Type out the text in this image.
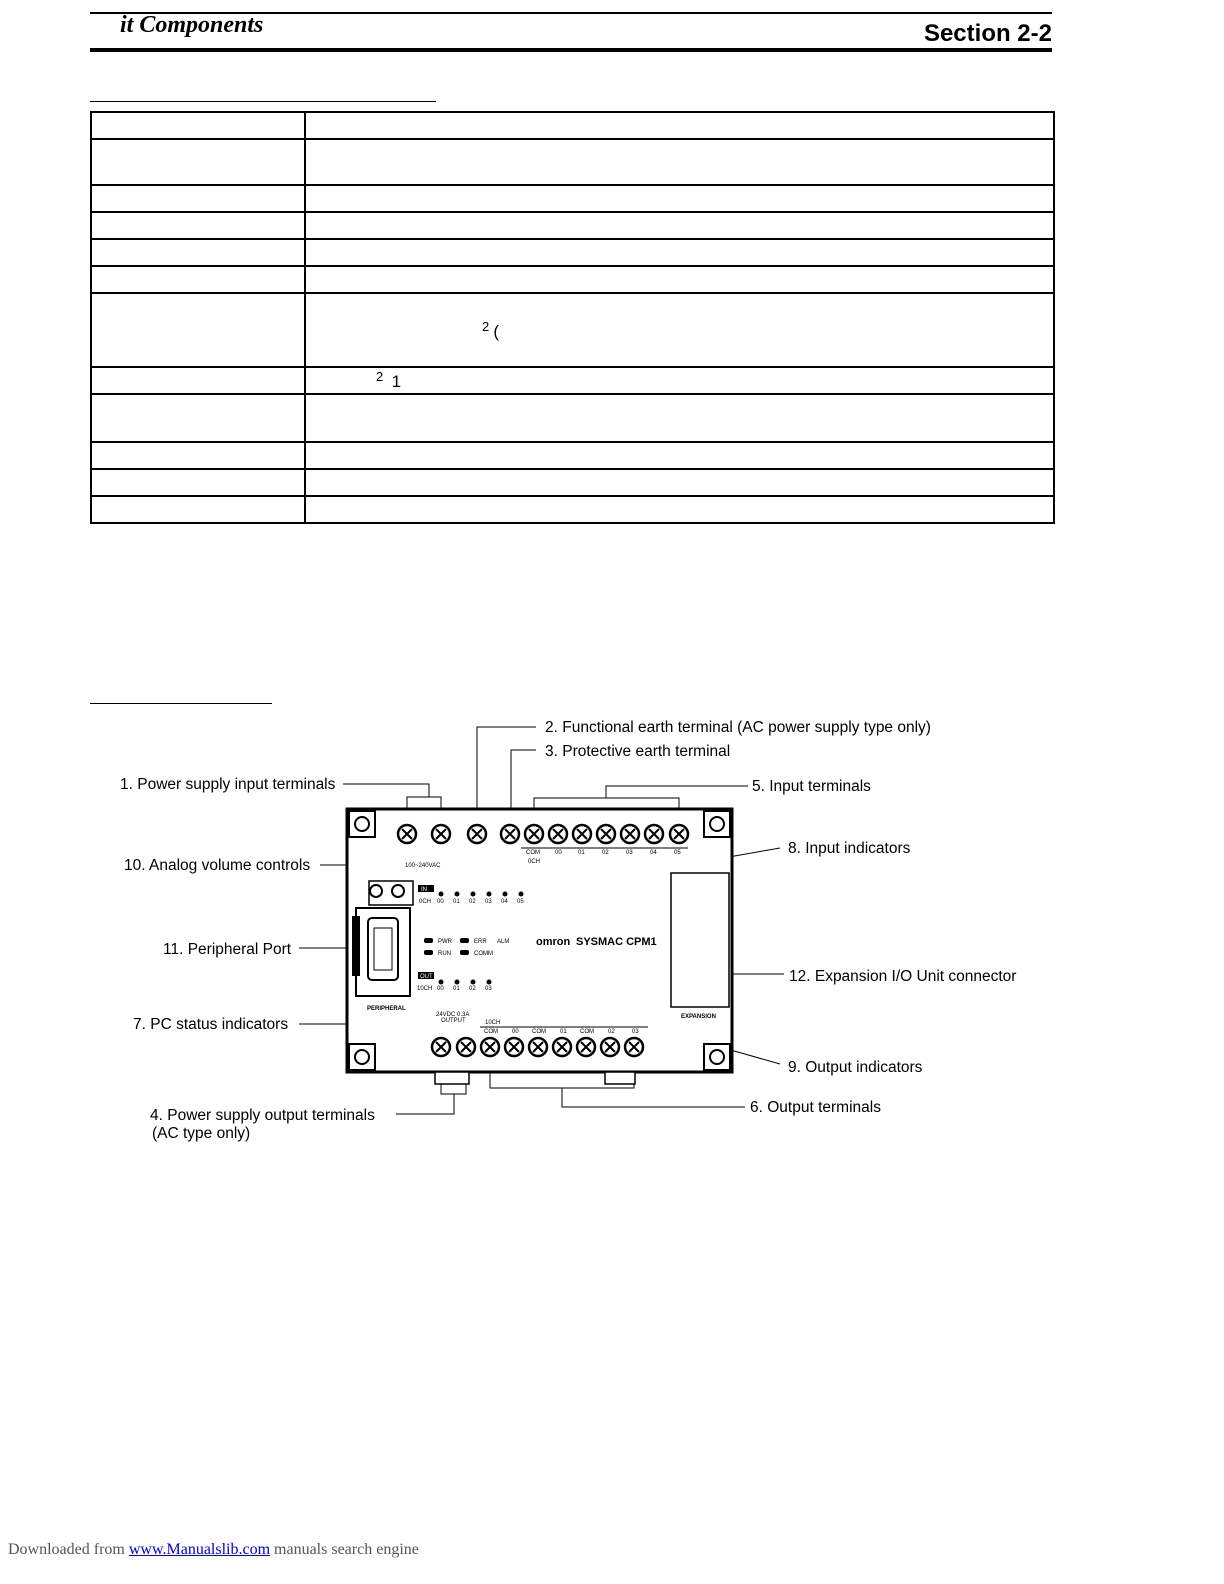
it Components	Section 2-2

	$^2$ (
	$^2$ 1

100~240VAC
COM
0CH
00	01	02	03	04	05
IN
0CH 00 01 02 03 04 05
PERIPHERAL
PWR
RUN
ERR ALM
COMM
omron SYSMAC CPM1
OUT
10CH 00 01 02 03
EXPANSION
24VDC 0.3A
OUTPUT	10CH
COM 00 COM 01 COM 02	03
2. Functional earth terminal (AC power supply type only)
3. Protective earth terminal
1. Power supply input terminals	5. Input terminals
8. Input indicators
10. Analog volume controls
11. Peripheral Port
12. Expansion I/O Unit connector
7. PC status indicators
9. Output indicators
6. Output terminals
4. Power supply output terminals
(AC type only)
Downloaded from www.Manualslib.com manuals search engine
